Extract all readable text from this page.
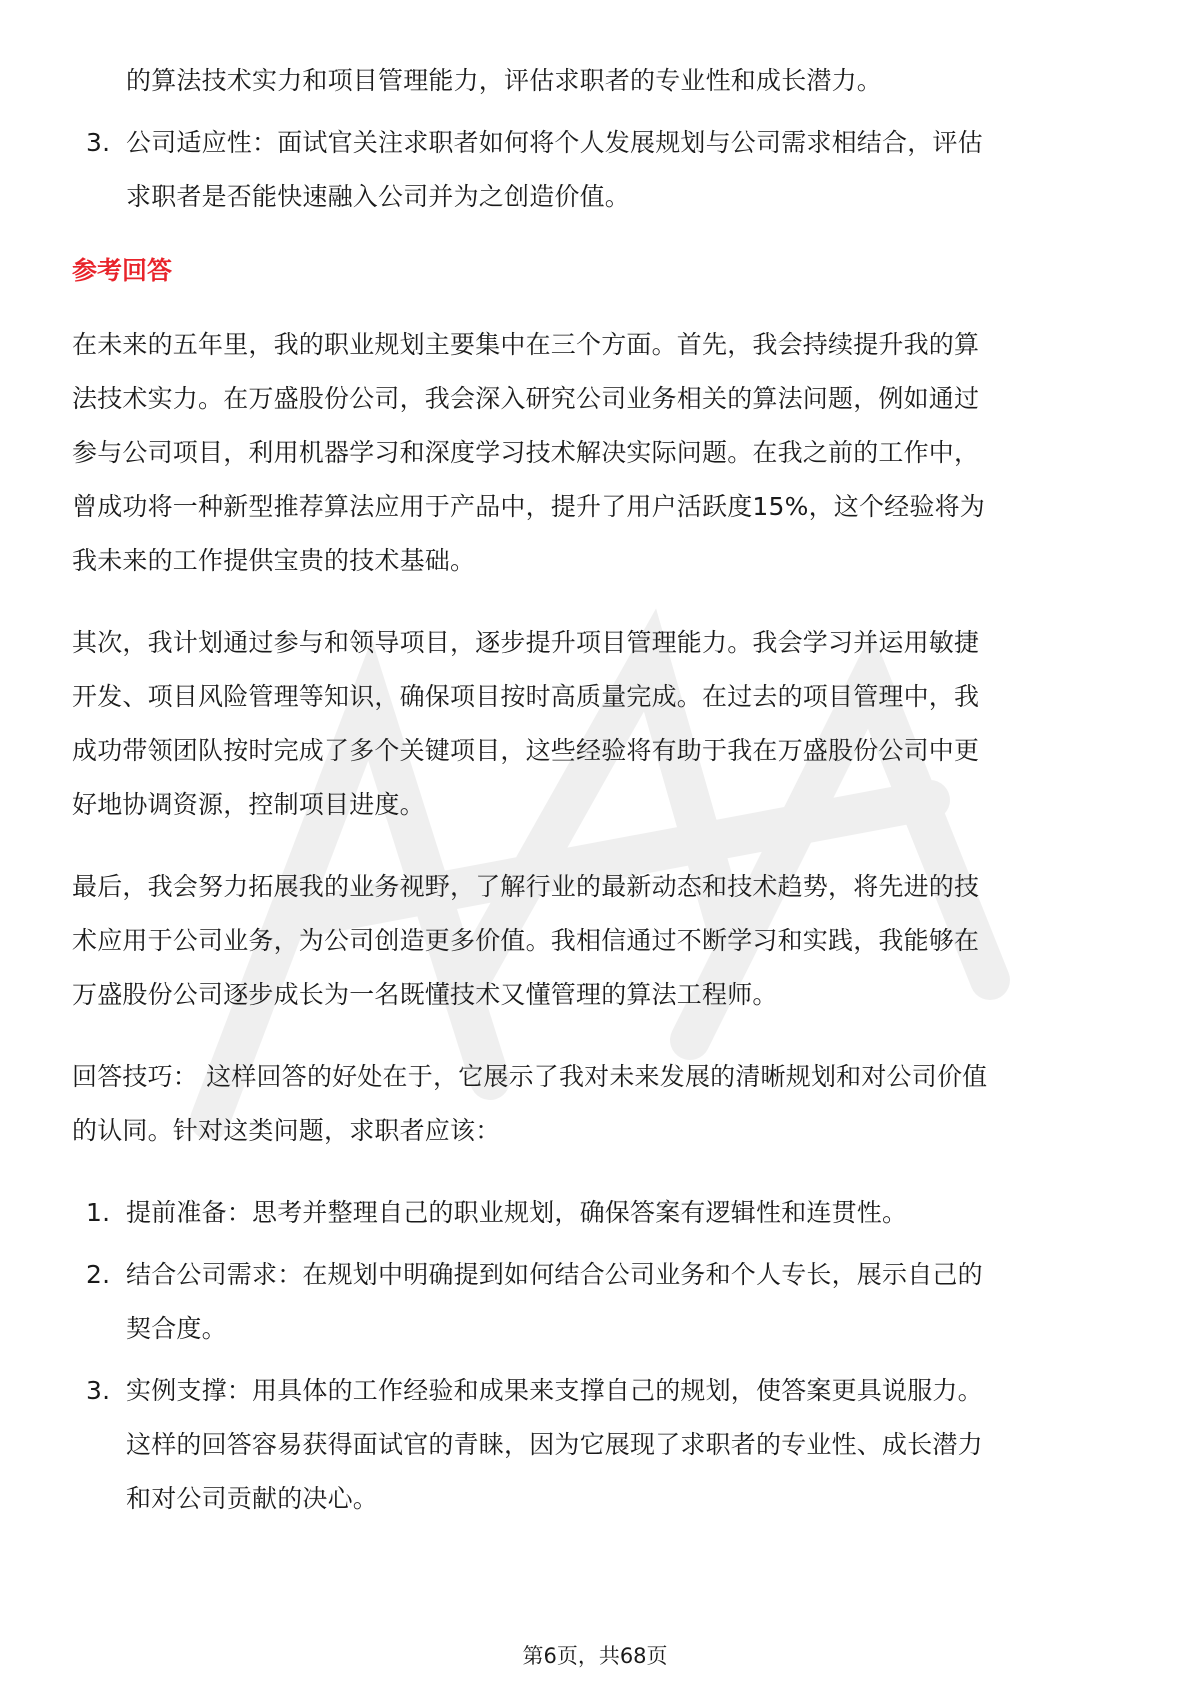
的算法技术实力和项目管理能力，评估求职者的专业性和成长潜力。

3. 公司适应性：面试官关注求职者如何将个人发展规划与公司需求相结合，评估
求职者是否能快速融入公司并为之创造价值。
参考回答
在未来的五年里，我的职业规划主要集中在三个方面。首先，我会持续提升我的算
法技术实力。在万盛股份公司，我会深入研究公司业务相关的算法问题，例如通过
参与公司项目，利用机器学习和深度学习技术解决实际问题。在我之前的工作中，
曾成功将一种新型推荐算法应用于产品中，提升了用户活跃度15%，这个经验将为
我未来的工作提供宝贵的技术基础。
其次，我计划通过参与和领导项目，逐步提升项目管理能力。我会学习并运用敏捷
开发、项目风险管理等知识，确保项目按时高质量完成。在过去的项目管理中，我
成功带领团队按时完成了多个关键项目，这些经验将有助于我在万盛股份公司中更
好地协调资源，控制项目进度。
最后，我会努力拓展我的业务视野，了解行业的最新动态和技术趋势，将先进的技
术应用于公司业务，为公司创造更多价值。我相信通过不断学习和实践，我能够在
万盛股份公司逐步成长为一名既懂技术又懂管理的算法工程师。
回答技巧： 这样回答的好处在于，它展示了我对未来发展的清晰规划和对公司价值
的认同。针对这类问题，求职者应该：
1. 提前准备：思考并整理自己的职业规划，确保答案有逻辑性和连贯性。
2. 结合公司需求：在规划中明确提到如何结合公司业务和个人专长，展示自己的
契合度。
3. 实例支撑：用具体的工作经验和成果来支撑自己的规划，使答案更具说服力。
这样的回答容易获得面试官的青睐，因为它展现了求职者的专业性、成长潜力
和对公司贡献的决心。
第6页，共68页
